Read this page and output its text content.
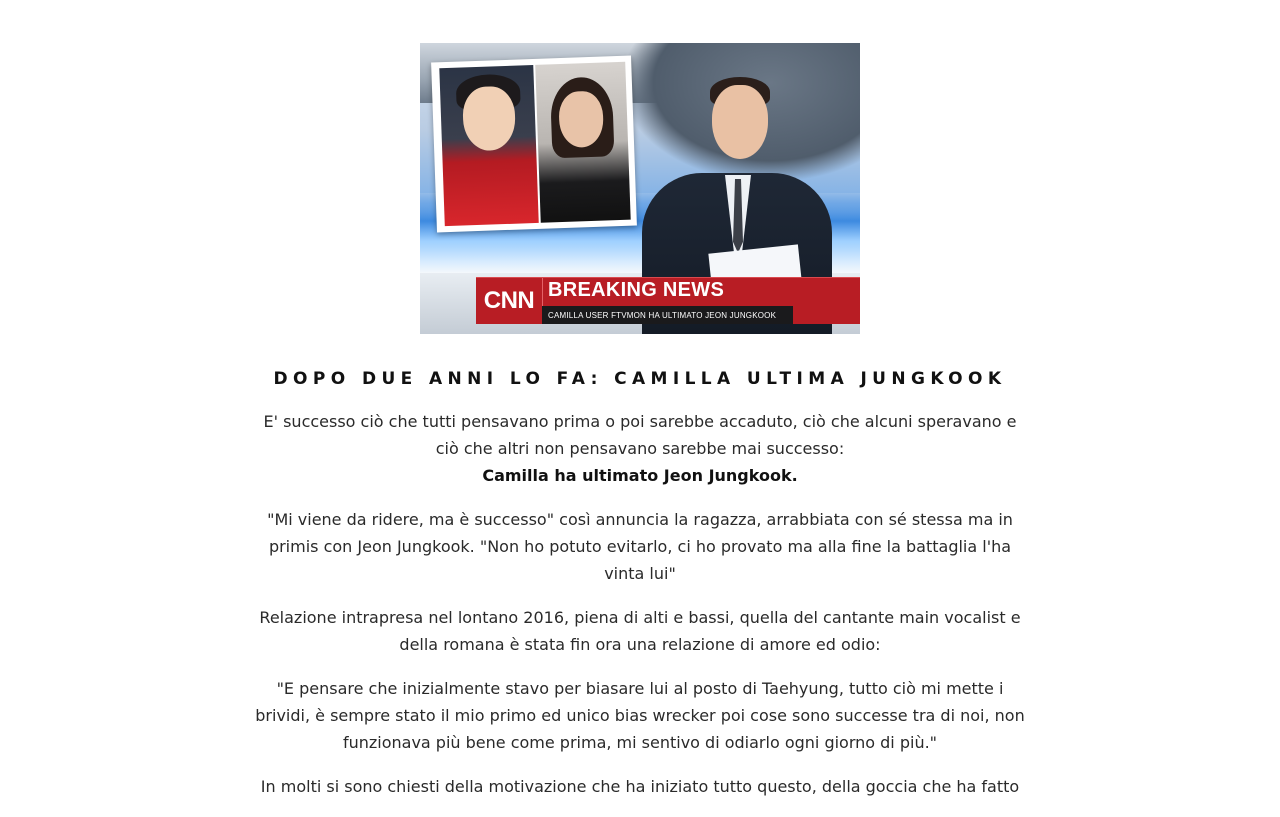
CNN BREAKING NEWS
CAMILLA USER FTVMON HA ULTIMATO JEON JUNGKOOK
DOPO DUE ANNI LO FA: CAMILLA ULTIMA JUNGKOOK

E' successo ciò che tutti pensavano prima o poi sarebbe accaduto, ciò che alcuni speravano e ciò che altri non pensavano sarebbe mai successo:
Camilla ha ultimato Jeon Jungkook.

"Mi viene da ridere, ma è successo" così annuncia la ragazza, arrabbiata con sé stessa ma in primis con Jeon Jungkook. "Non ho potuto evitarlo, ci ho provato ma alla fine la battaglia l'ha vinta lui"

Relazione intrapresa nel lontano 2016, piena di alti e bassi, quella del cantante main vocalist e della romana è stata fin ora una relazione di amore ed odio:

"E pensare che inizialmente stavo per biasare lui al posto di Taehyung, tutto ciò mi mette i brividi, è sempre stato il mio primo ed unico bias wrecker poi cose sono successe tra di noi, non funzionava più bene come prima, mi sentivo di odiarlo ogni giorno di più."

In molti si sono chiesti della motivazione che ha iniziato tutto questo, della goccia che ha fatto
